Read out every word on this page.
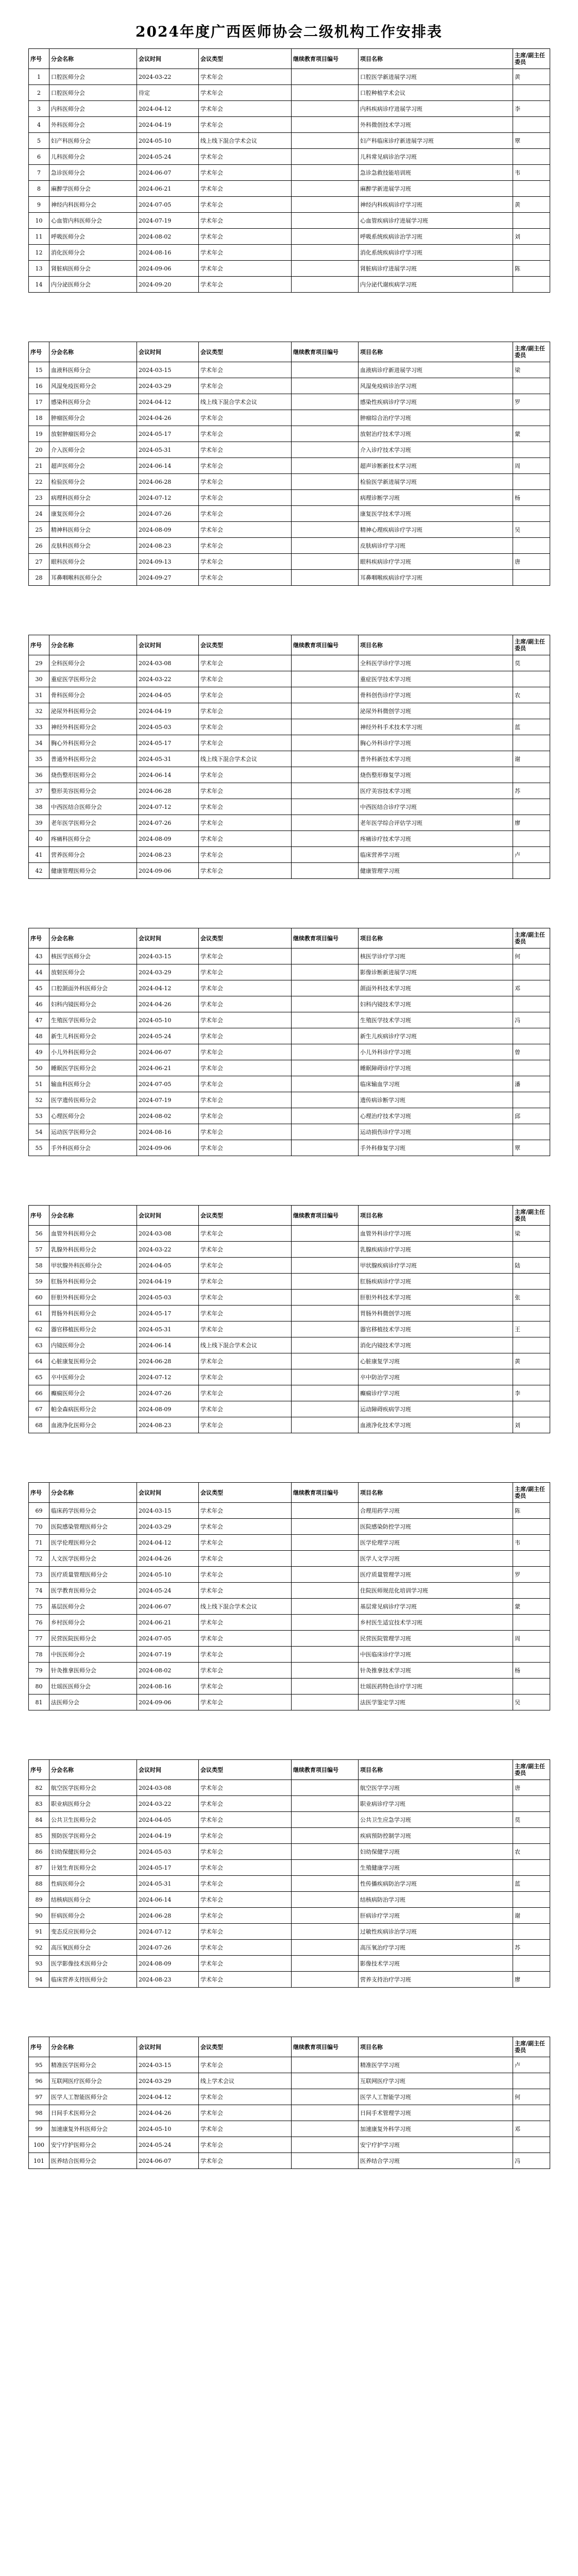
2024年度广西医师协会二级机构工作安排表
序号	分会名称	会议时间	会议类型	继续教育项目编号	项目名称	主席/副主任委员
1	口腔医师分会	2024-03-22	学术年会		口腔医学新进展学习班	黄
2	口腔医师分会	待定	学术年会		口腔种植学术会议	
3	内科医师分会	2024-04-12	学术年会		内科疾病诊疗进展学习班	李
4	外科医师分会	2024-04-19	学术年会		外科微创技术学习班	
5	妇产科医师分会	2024-05-10	线上线下混合学术会议		妇产科临床诊疗新进展学习班	覃
6	儿科医师分会	2024-05-24	学术年会		儿科常见病诊治学习班	
7	急诊医师分会	2024-06-07	学术年会		急诊急救技能培训班	韦
8	麻醉学医师分会	2024-06-21	学术年会		麻醉学新进展学习班	
9	神经内科医师分会	2024-07-05	学术年会		神经内科疾病诊疗学习班	黄
10	心血管内科医师分会	2024-07-19	学术年会		心血管疾病诊疗进展学习班	
11	呼吸医师分会	2024-08-02	学术年会		呼吸系统疾病诊治学习班	刘
12	消化医师分会	2024-08-16	学术年会		消化系统疾病诊疗学习班	
13	肾脏病医师分会	2024-09-06	学术年会		肾脏病诊疗进展学习班	陈
14	内分泌医师分会	2024-09-20	学术年会		内分泌代谢疾病学习班	
序号	分会名称	会议时间	会议类型	继续教育项目编号	项目名称	主席/副主任委员
15	血液科医师分会	2024-03-15	学术年会		血液病诊疗新进展学习班	梁
16	风湿免疫医师分会	2024-03-29	学术年会		风湿免疫病诊治学习班	
17	感染科医师分会	2024-04-12	线上线下混合学术会议		感染性疾病诊疗学习班	罗
18	肿瘤医师分会	2024-04-26	学术年会		肿瘤综合治疗学习班	
19	放射肿瘤医师分会	2024-05-17	学术年会		放射治疗技术学习班	蒙
20	介入医师分会	2024-05-31	学术年会		介入诊疗技术学习班	
21	超声医师分会	2024-06-14	学术年会		超声诊断新技术学习班	周
22	检验医师分会	2024-06-28	学术年会		检验医学新进展学习班	
23	病理科医师分会	2024-07-12	学术年会		病理诊断学习班	杨
24	康复医师分会	2024-07-26	学术年会		康复医学技术学习班	
25	精神科医师分会	2024-08-09	学术年会		精神心理疾病诊疗学习班	吴
26	皮肤科医师分会	2024-08-23	学术年会		皮肤病诊疗学习班	
27	眼科医师分会	2024-09-13	学术年会		眼科疾病诊疗学习班	唐
28	耳鼻咽喉科医师分会	2024-09-27	学术年会		耳鼻咽喉疾病诊疗学习班	
序号	分会名称	会议时间	会议类型	继续教育项目编号	项目名称	主席/副主任委员
29	全科医师分会	2024-03-08	学术年会		全科医学诊疗学习班	莫
30	重症医学医师分会	2024-03-22	学术年会		重症医学技术学习班	
31	骨科医师分会	2024-04-05	学术年会		骨科创伤诊疗学习班	农
32	泌尿外科医师分会	2024-04-19	学术年会		泌尿外科微创学习班	
33	神经外科医师分会	2024-05-03	学术年会		神经外科手术技术学习班	蓝
34	胸心外科医师分会	2024-05-17	学术年会		胸心外科诊疗学习班	
35	普通外科医师分会	2024-05-31	线上线下混合学术会议		普外科新技术学习班	谢
36	烧伤整形医师分会	2024-06-14	学术年会		烧伤整形修复学习班	
37	整形美容医师分会	2024-06-28	学术年会		医疗美容技术学习班	苏
38	中西医结合医师分会	2024-07-12	学术年会		中西医结合诊疗学习班	
39	老年医学医师分会	2024-07-26	学术年会		老年医学综合评估学习班	廖
40	疼痛科医师分会	2024-08-09	学术年会		疼痛诊疗技术学习班	
41	营养医师分会	2024-08-23	学术年会		临床营养学习班	卢
42	健康管理医师分会	2024-09-06	学术年会		健康管理学习班	
序号	分会名称	会议时间	会议类型	继续教育项目编号	项目名称	主席/副主任委员
43	核医学医师分会	2024-03-15	学术年会		核医学诊疗学习班	何
44	放射医师分会	2024-03-29	学术年会		影像诊断新进展学习班	
45	口腔颌面外科医师分会	2024-04-12	学术年会		颌面外科技术学习班	邓
46	妇科内镜医师分会	2024-04-26	学术年会		妇科内镜技术学习班	
47	生殖医学医师分会	2024-05-10	学术年会		生殖医学技术学习班	冯
48	新生儿科医师分会	2024-05-24	学术年会		新生儿疾病诊疗学习班	
49	小儿外科医师分会	2024-06-07	学术年会		小儿外科诊疗学习班	曾
50	睡眠医学医师分会	2024-06-21	学术年会		睡眠障碍诊疗学习班	
51	输血科医师分会	2024-07-05	学术年会		临床输血学习班	潘
52	医学遗传医师分会	2024-07-19	学术年会		遗传病诊断学习班	
53	心理医师分会	2024-08-02	学术年会		心理治疗技术学习班	邱
54	运动医学医师分会	2024-08-16	学术年会		运动损伤诊疗学习班	
55	手外科医师分会	2024-09-06	学术年会		手外科修复学习班	覃
序号	分会名称	会议时间	会议类型	继续教育项目编号	项目名称	主席/副主任委员
56	血管外科医师分会	2024-03-08	学术年会		血管外科诊疗学习班	梁
57	乳腺外科医师分会	2024-03-22	学术年会		乳腺疾病诊疗学习班	
58	甲状腺外科医师分会	2024-04-05	学术年会		甲状腺疾病诊疗学习班	陆
59	肛肠外科医师分会	2024-04-19	学术年会		肛肠疾病诊疗学习班	
60	肝胆外科医师分会	2024-05-03	学术年会		肝胆外科技术学习班	张
61	胃肠外科医师分会	2024-05-17	学术年会		胃肠外科微创学习班	
62	器官移植医师分会	2024-05-31	学术年会		器官移植技术学习班	王
63	内镜医师分会	2024-06-14	线上线下混合学术会议		消化内镜技术学习班	
64	心脏康复医师分会	2024-06-28	学术年会		心脏康复学习班	黄
65	卒中医师分会	2024-07-12	学术年会		卒中防治学习班	
66	癫痫医师分会	2024-07-26	学术年会		癫痫诊疗学习班	李
67	帕金森病医师分会	2024-08-09	学术年会		运动障碍疾病学习班	
68	血液净化医师分会	2024-08-23	学术年会		血液净化技术学习班	刘
序号	分会名称	会议时间	会议类型	继续教育项目编号	项目名称	主席/副主任委员
69	临床药学医师分会	2024-03-15	学术年会		合理用药学习班	陈
70	医院感染管理医师分会	2024-03-29	学术年会		医院感染防控学习班	
71	医学伦理医师分会	2024-04-12	学术年会		医学伦理学习班	韦
72	人文医学医师分会	2024-04-26	学术年会		医学人文学习班	
73	医疗质量管理医师分会	2024-05-10	学术年会		医疗质量管理学习班	罗
74	医学教育医师分会	2024-05-24	学术年会		住院医师规范化培训学习班	
75	基层医师分会	2024-06-07	线上线下混合学术会议		基层常见病诊疗学习班	蒙
76	乡村医师分会	2024-06-21	学术年会		乡村医生适宜技术学习班	
77	民营医院医师分会	2024-07-05	学术年会		民营医院管理学习班	周
78	中医医师分会	2024-07-19	学术年会		中医临床诊疗学习班	
79	针灸推拿医师分会	2024-08-02	学术年会		针灸推拿技术学习班	杨
80	壮瑶医医师分会	2024-08-16	学术年会		壮瑶医药特色诊疗学习班	
81	法医师分会	2024-09-06	学术年会		法医学鉴定学习班	吴
序号	分会名称	会议时间	会议类型	继续教育项目编号	项目名称	主席/副主任委员
82	航空医学医师分会	2024-03-08	学术年会		航空医学学习班	唐
83	职业病医师分会	2024-03-22	学术年会		职业病诊疗学习班	
84	公共卫生医师分会	2024-04-05	学术年会		公共卫生应急学习班	莫
85	预防医学医师分会	2024-04-19	学术年会		疾病预防控制学习班	
86	妇幼保健医师分会	2024-05-03	学术年会		妇幼保健学习班	农
87	计划生育医师分会	2024-05-17	学术年会		生殖健康学习班	
88	性病医师分会	2024-05-31	学术年会		性传播疾病防治学习班	蓝
89	结核病医师分会	2024-06-14	学术年会		结核病防治学习班	
90	肝病医师分会	2024-06-28	学术年会		肝病诊疗学习班	谢
91	变态反应医师分会	2024-07-12	学术年会		过敏性疾病诊治学习班	
92	高压氧医师分会	2024-07-26	学术年会		高压氧治疗学习班	苏
93	医学影像技术医师分会	2024-08-09	学术年会		影像技术学习班	
94	临床营养支持医师分会	2024-08-23	学术年会		营养支持治疗学习班	廖
序号	分会名称	会议时间	会议类型	继续教育项目编号	项目名称	主席/副主任委员
95	精准医学医师分会	2024-03-15	学术年会		精准医学学习班	卢
96	互联网医疗医师分会	2024-03-29	线上学术会议		互联网医疗学习班	
97	医学人工智能医师分会	2024-04-12	学术年会		医学人工智能学习班	何
98	日间手术医师分会	2024-04-26	学术年会		日间手术管理学习班	
99	加速康复外科医师分会	2024-05-10	学术年会		加速康复外科学习班	邓
100	安宁疗护医师分会	2024-05-24	学术年会		安宁疗护学习班	
101	医养结合医师分会	2024-06-07	学术年会		医养结合学习班	冯
